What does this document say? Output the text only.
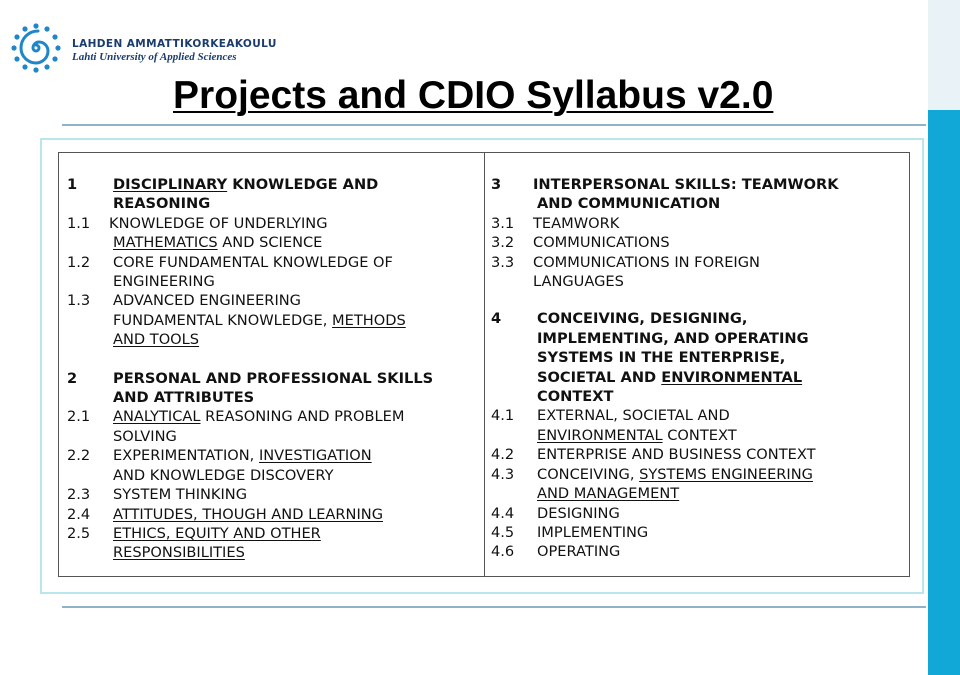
LAHDEN AMMATTIKORKEAKOULU
Lahti University of Applied Sciences
Projects and CDIO Syllabus v2.0
1	DISCIPLINARY KNOWLEDGE AND
REASONING
1.1	KNOWLEDGE OF UNDERLYING
MATHEMATICS AND SCIENCE
1.2	CORE FUNDAMENTAL KNOWLEDGE OF
ENGINEERING
1.3	ADVANCED ENGINEERING
FUNDAMENTAL KNOWLEDGE, METHODS
AND TOOLS
2	PERSONAL AND PROFESSIONAL SKILLS
AND ATTRIBUTES
2.1	ANALYTICAL REASONING AND PROBLEM
SOLVING
2.2	EXPERIMENTATION, INVESTIGATION
AND KNOWLEDGE DISCOVERY
2.3	SYSTEM THINKING
2.4	ATTITUDES, THOUGH AND LEARNING
2.5	ETHICS, EQUITY AND OTHER
RESPONSIBILITIES
3	INTERPERSONAL SKILLS: TEAMWORK
AND COMMUNICATION
3.1	TEAMWORK
3.2	COMMUNICATIONS
3.3	COMMUNICATIONS IN FOREIGN
LANGUAGES
4	CONCEIVING, DESIGNING,
IMPLEMENTING, AND OPERATING
SYSTEMS IN THE ENTERPRISE,
SOCIETAL AND ENVIRONMENTAL
CONTEXT
4.1	EXTERNAL, SOCIETAL AND
ENVIRONMENTAL CONTEXT
4.2	ENTERPRISE AND BUSINESS CONTEXT
4.3	CONCEIVING, SYSTEMS ENGINEERING
AND MANAGEMENT
4.4	DESIGNING
4.5	IMPLEMENTING
4.6	OPERATING
